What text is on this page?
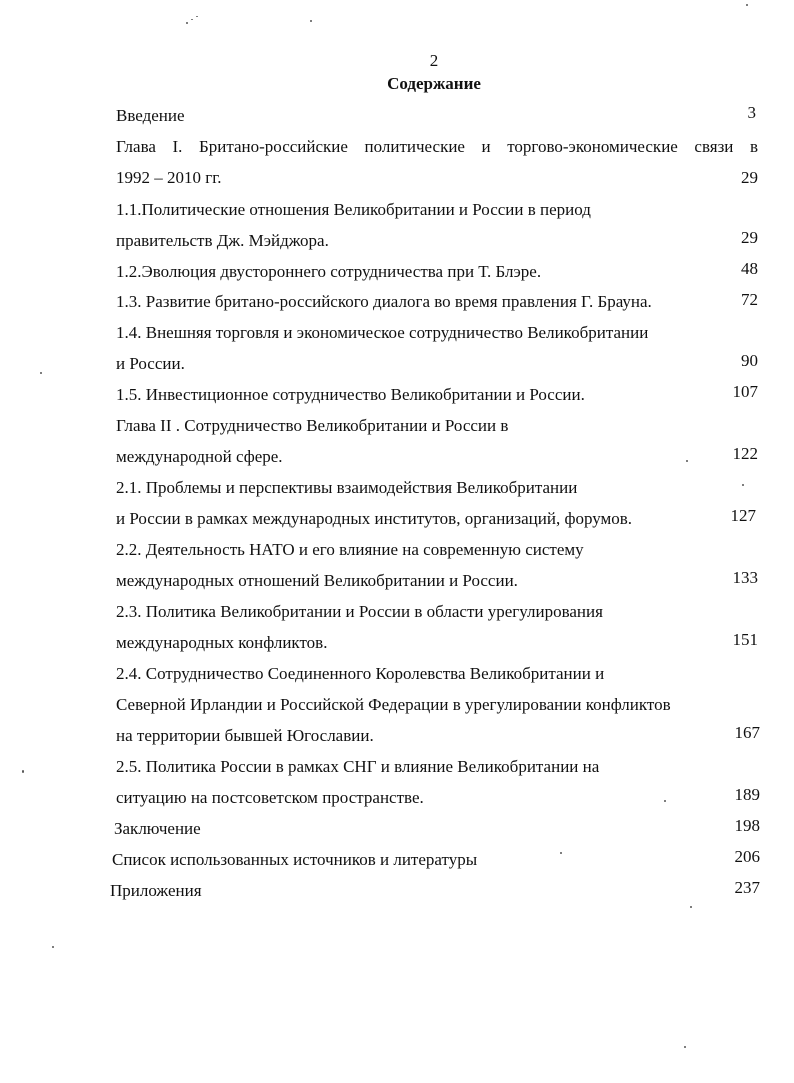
2
Содержание
Введение	3
Глава I. Британо-российские политические и торгово-экономические связи в
1992 – 2010 гг.	29
1.1.Политические отношения Великобритании и России в период
правительств Дж. Мэйджора.	29
1.2.Эволюция двустороннего сотрудничества при Т. Блэре.	48
1.3. Развитие британо-российского диалога во время правления Г. Брауна.	72
1.4. Внешняя торговля и экономическое сотрудничество Великобритании
и России.	90
1.5. Инвестиционное сотрудничество Великобритании и России.	107
Глава II . Сотрудничество Великобритании и России в
международной сфере.	122
2.1. Проблемы и перспективы взаимодействия Великобритании
и России в рамках международных институтов, организаций, форумов.	127
2.2. Деятельность НАТО и его влияние на современную систему
международных отношений Великобритании и России.	133
2.3. Политика Великобритании и России в области урегулирования
международных конфликтов.	151
2.4. Сотрудничество Соединенного Королевства Великобритании и
Северной Ирландии и Российской Федерации в урегулировании конфликтов
на территории бывшей Югославии.	167
2.5. Политика России в рамках СНГ и влияние Великобритании на
ситуацию на постсоветском пространстве.	189
Заключение	198
Список использованных источников и литературы	206
Приложения	237
